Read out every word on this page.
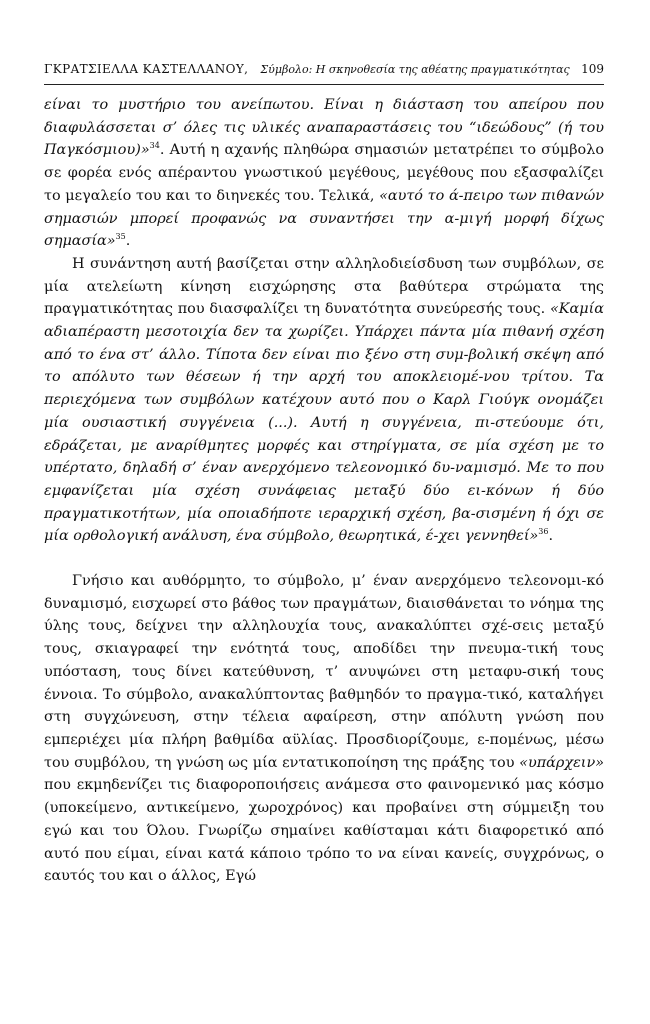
ΓΚΡΑΤΣΙΕΛΛΑ ΚΑΣΤΕΛΛΑΝΟΥ, Σύμβολο: Η σκηνοθεσία της αθέατης πραγματικότητας 109

είναι το μυστήριο του ανείπωτου. Είναι η διάσταση του απείρου που διαφυλάσσεται σ’ όλες τις υλικές αναπαραστάσεις του “ιδεώδους” (ή του Παγκόσμιου)»$^{34}$. Αυτή η αχανής πληθώρα σημασιών μετατρέπει το σύμβολο σε φορέα ενός απέραντου γνωστικού μεγέθους, μεγέθους που εξασφαλίζει το μεγαλείο του και το διηνεκές του. Τελικά, «αυτό το ά-πειρο των πιθανών σημασιών μπορεί προφανώς να συναντήσει την α-μιγή μορφή δίχως σημασία»$^{35}$.

Η συνάντηση αυτή βασίζεται στην αλληλοδιείσδυση των συμβόλων, σε μία ατελείωτη κίνηση εισχώρησης στα βαθύτερα στρώματα της πραγματικότητας που διασφαλίζει τη δυνατότητα συνεύρεσής τους. «Καμία αδιαπέραστη μεσοτοιχία δεν τα χωρίζει. Υπάρχει πάντα μία πιθανή σχέση από το ένα στ’ άλλο. Τίποτα δεν είναι πιο ξένο στη συμ-βολική σκέψη από το απόλυτο των θέσεων ή την αρχή του αποκλειομέ-νου τρίτου. Τα περιεχόμενα των συμβόλων κατέχουν αυτό που ο Καρλ Γιούγκ ονομάζει μία ουσιαστική συγγένεια (...). Αυτή η συγγένεια, πι-στεύουμε ότι, εδράζεται, με αναρίθμητες μορφές και στηρίγματα, σε μία σχέση με το υπέρτατο, δηλαδή σ’ έναν ανερχόμενο τελεονομικό δυ-ναμισμό. Με το που εμφανίζεται μία σχέση συνάφειας μεταξύ δύο ει-κόνων ή δύο πραγματικοτήτων, μία οποιαδήποτε ιεραρχική σχέση, βα-σισμένη ή όχι σε μία ορθολογική ανάλυση, ένα σύμβολο, θεωρητικά, έ-χει γεννηθεί»$^{36}$.

Γνήσιο και αυθόρμητο, το σύμβολο, μ’ έναν ανερχόμενο τελεονομι-κό δυναμισμό, εισχωρεί στο βάθος των πραγμάτων, διαισθάνεται το νόημα της ύλης τους, δείχνει την αλληλουχία τους, ανακαλύπτει σχέ-σεις μεταξύ τους, σκιαγραφεί την ενότητά τους, αποδίδει την πνευμα-τική τους υπόσταση, τους δίνει κατεύθυνση, τ’ ανυψώνει στη μεταφυ-σική τους έννοια. Το σύμβολο, ανακαλύπτοντας βαθμηδόν το πραγμα-τικό, καταλήγει στη συγχώνευση, στην τέλεια αφαίρεση, στην απόλυτη γνώση που εμπεριέχει μία πλήρη βαθμίδα αϋλίας. Προσδιορίζουμε, ε-πομένως, μέσω του συμβόλου, τη γνώση ως μία εντατικοποίηση της πράξης του «υπάρχειν» που εκμηδενίζει τις διαφοροποιήσεις ανάμεσα στο φαινομενικό μας κόσμο (υποκείμενο, αντικείμενο, χωροχρόνος) και προβαίνει στη σύμμειξη του εγώ και του Όλου. Γνωρίζω σημαίνει καθίσταμαι κάτι διαφορετικό από αυτό που είμαι, είναι κατά κάποιο τρόπο το να είναι κανείς, συγχρόνως, ο εαυτός του και ο άλλος, Εγώ
